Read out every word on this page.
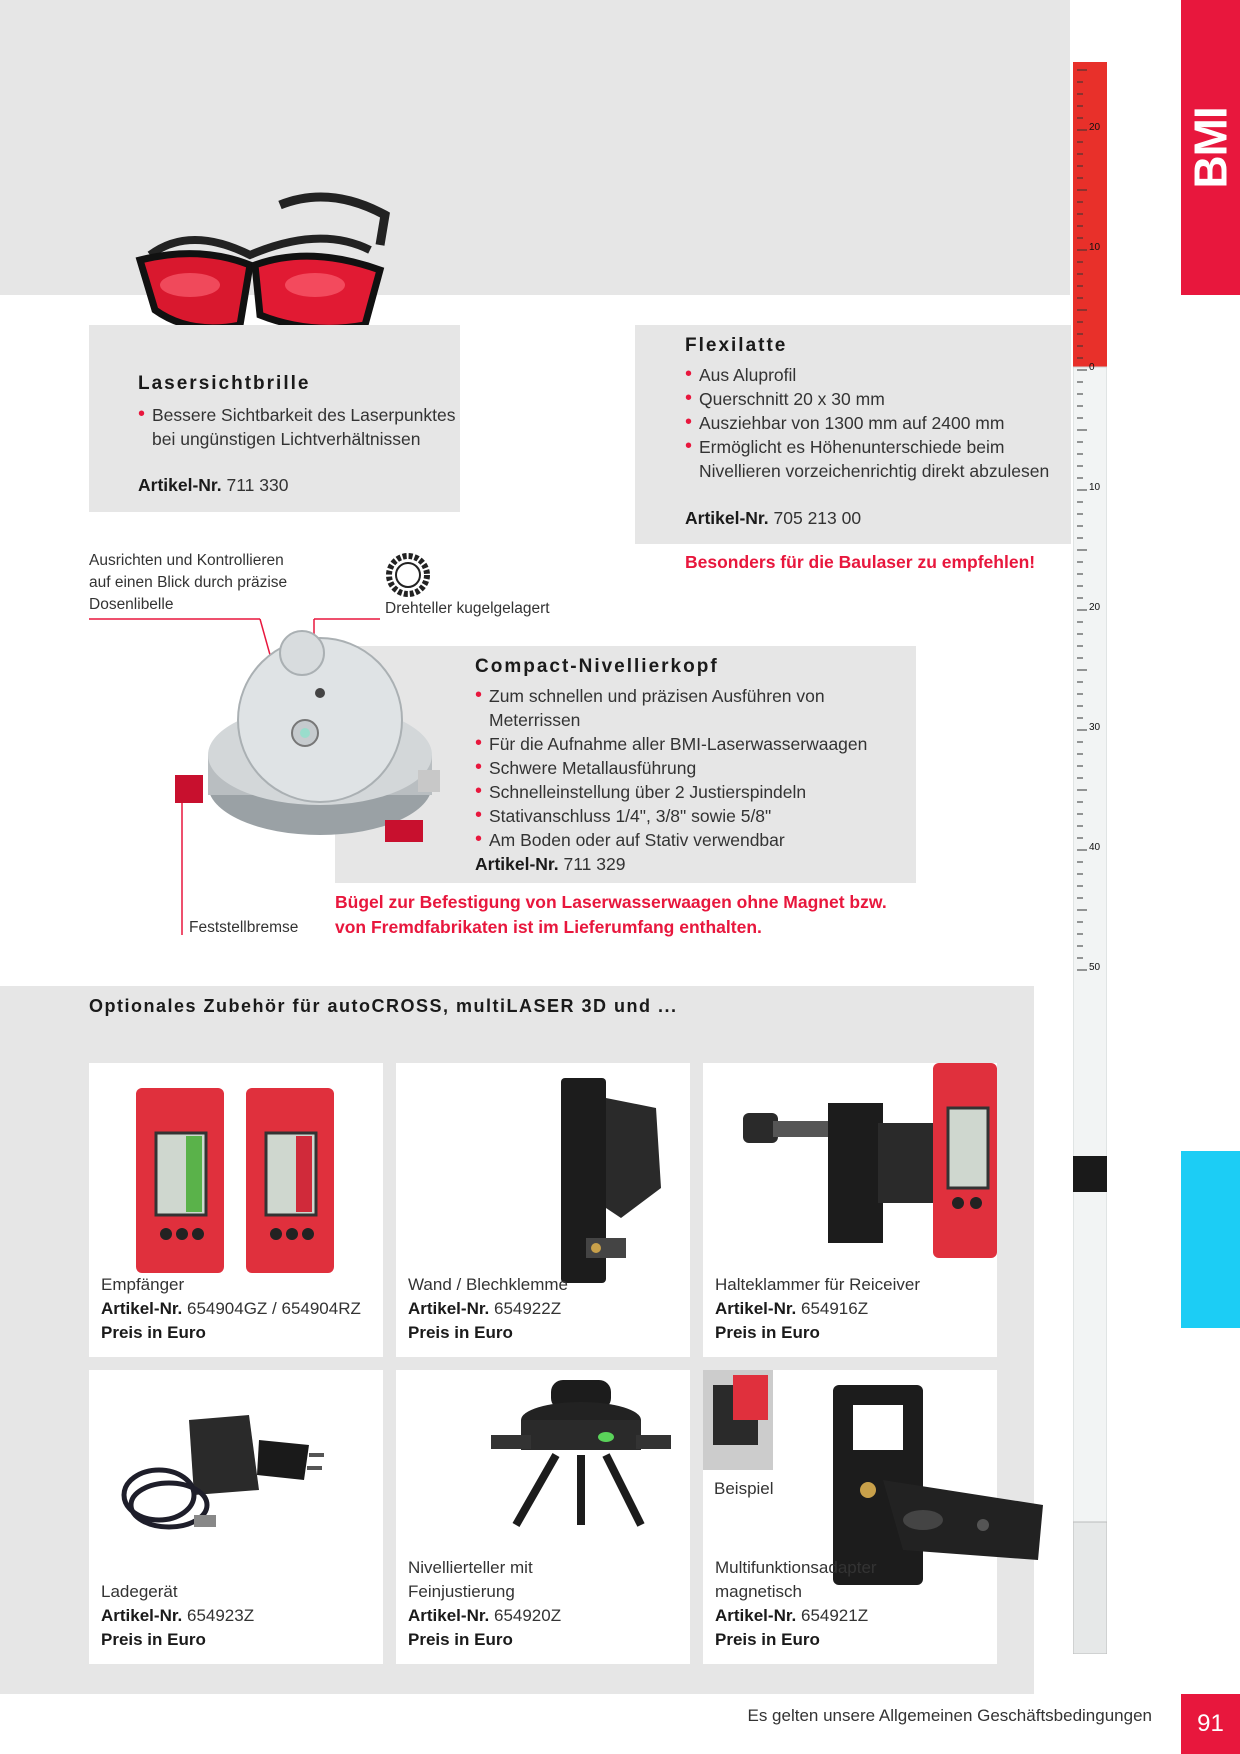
BMI
Lasersichtbrille
• Bessere Sichtbarkeit des Laserpunktes
bei ungünstigen Lichtverhältnissen
Artikel-Nr. 711 330
Flexilatte
• Aus Aluprofil
• Querschnitt 20 x 30 mm
• Ausziehbar von 1300 mm auf 2400 mm
• Ermöglicht es Höhenunterschiede beim
Nivellieren vorzeichenrichtig direkt abzulesen
Artikel-Nr. 705 213 00
Besonders für die Baulaser zu empfehlen!
Ausrichten und Kontrollieren
auf einen Blick durch präzise
Dosenlibelle	Drehteller kugelgelagert
Compact-Nivellierkopf
• Zum schnellen und präzisen Ausführen von Meterrissen
• Für die Aufnahme aller BMI-Laserwasserwaagen
• Schwere Metallausführung
• Schnelleinstellung über 2 Justierspindeln
• Stativanschluss 1/4", 3/8" sowie 5/8"
• Am Boden oder auf Stativ verwendbar
Artikel-Nr. 711 329
Feststellbremse
Bügel zur Befestigung von Laserwasserwaagen ohne Magnet bzw.
von Fremdfabrikaten ist im Lieferumfang enthalten.
Optionales Zubehör für autoCROSS, multiLASER 3D und ...
Empfänger
Artikel-Nr. 654904GZ / 654904RZ
Preis in Euro
Wand / Blechklemme
Artikel-Nr. 654922Z
Preis in Euro
Halteklammer für Reiceiver
Artikel-Nr. 654916Z
Preis in Euro
Ladegerät
Artikel-Nr. 654923Z
Preis in Euro
Nivellierteller mit
Feinjustierung
Artikel-Nr. 654920Z
Preis in Euro
Beispiel
Multifunktionsadapter
magnetisch
Artikel-Nr. 654921Z
Preis in Euro
20
10
0
10
20
30
40
50
Es gelten unsere Allgemeinen Geschäftsbedingungen	91
